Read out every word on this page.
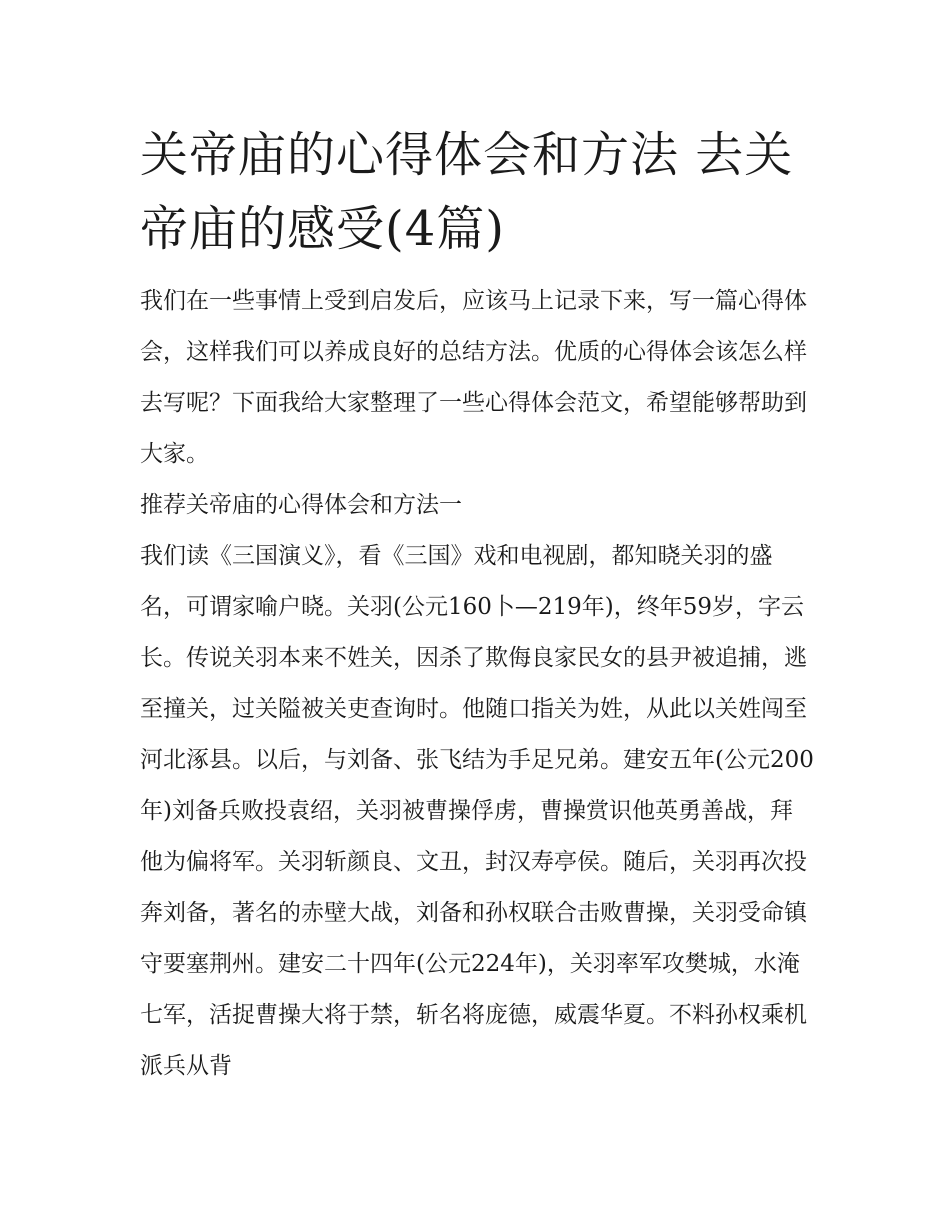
关帝庙的心得体会和方法 去关帝庙的感受(4篇)

我们在一些事情上受到启发后，应该马上记录下来，写一篇心得体会，这样我们可以养成良好的总结方法。优质的心得体会该怎么样去写呢？下面我给大家整理了一些心得体会范文，希望能够帮助到大家。

推荐关帝庙的心得体会和方法一

我们读《三国演义》，看《三国》戏和电视剧，都知晓关羽的盛名，可谓家喻户晓。关羽(公元160卜—219年)，终年59岁，字云长。传说关羽本来不姓关，因杀了欺侮良家民女的县尹被追捕，逃至撞关，过关隘被关吏查询时。他随口指关为姓，从此以关姓闯至河北涿县。以后，与刘备、张飞结为手足兄弟。建安五年(公元200年)刘备兵败投袁绍，关羽被曹操俘虏，曹操赏识他英勇善战，拜他为偏将军。关羽斩颜良、文丑，封汉寿亭侯。随后，关羽再次投奔刘备，著名的赤壁大战，刘备和孙权联合击败曹操，关羽受命镇守要塞荆州。建安二十四年(公元224年)，关羽率军攻樊城，水淹七军，活捉曹操大将于禁，斩名将庞德，威震华夏。不料孙权乘机派兵从背
